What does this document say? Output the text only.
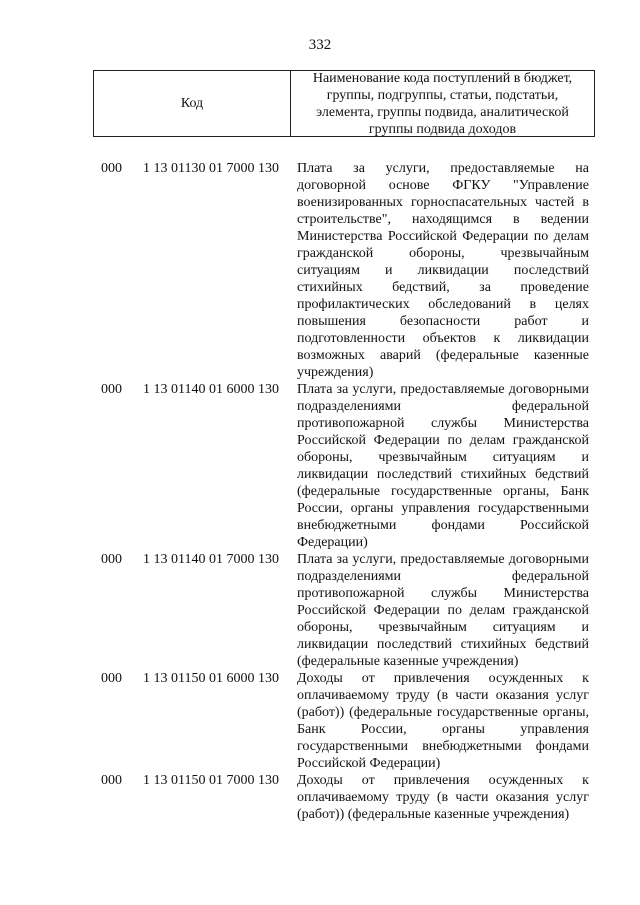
332
Код
Наименование кода поступлений в бюджет, группы, подгруппы, статьи, подстатьи, элемента, группы подвида, аналитической группы подвида доходов
000	1 13 01130 01 7000 130	Плата за услуги, предоставляемые на договорной основе ФГКУ "Управление военизированных горноспасательных частей в строительстве", находящимся в ведении Министерства Российской Федерации по делам гражданской обороны, чрезвычайным ситуациям и ликвидации последствий стихийных бедствий, за проведение профилактических обследований в целях повышения безопасности работ и подготовленности объектов к ликвидации возможных аварий (федеральные казенные учреждения)
000	1 13 01140 01 6000 130	Плата за услуги, предоставляемые договорными подразделениями федеральной противопожарной службы Министерства Российской Федерации по делам гражданской обороны, чрезвычайным ситуациям и ликвидации последствий стихийных бедствий (федеральные государственные органы, Банк России, органы управления государственными внебюджетными фондами Российской Федерации)
000	1 13 01140 01 7000 130	Плата за услуги, предоставляемые договорными подразделениями федеральной противопожарной службы Министерства Российской Федерации по делам гражданской обороны, чрезвычайным ситуациям и ликвидации последствий стихийных бедствий (федеральные казенные учреждения)
000	1 13 01150 01 6000 130	Доходы от привлечения осужденных к оплачиваемому труду (в части оказания услуг (работ)) (федеральные государственные органы, Банк России, органы управления государственными внебюджетными фондами Российской Федерации)
000	1 13 01150 01 7000 130	Доходы от привлечения осужденных к оплачиваемому труду (в части оказания услуг (работ)) (федеральные казенные учреждения)
